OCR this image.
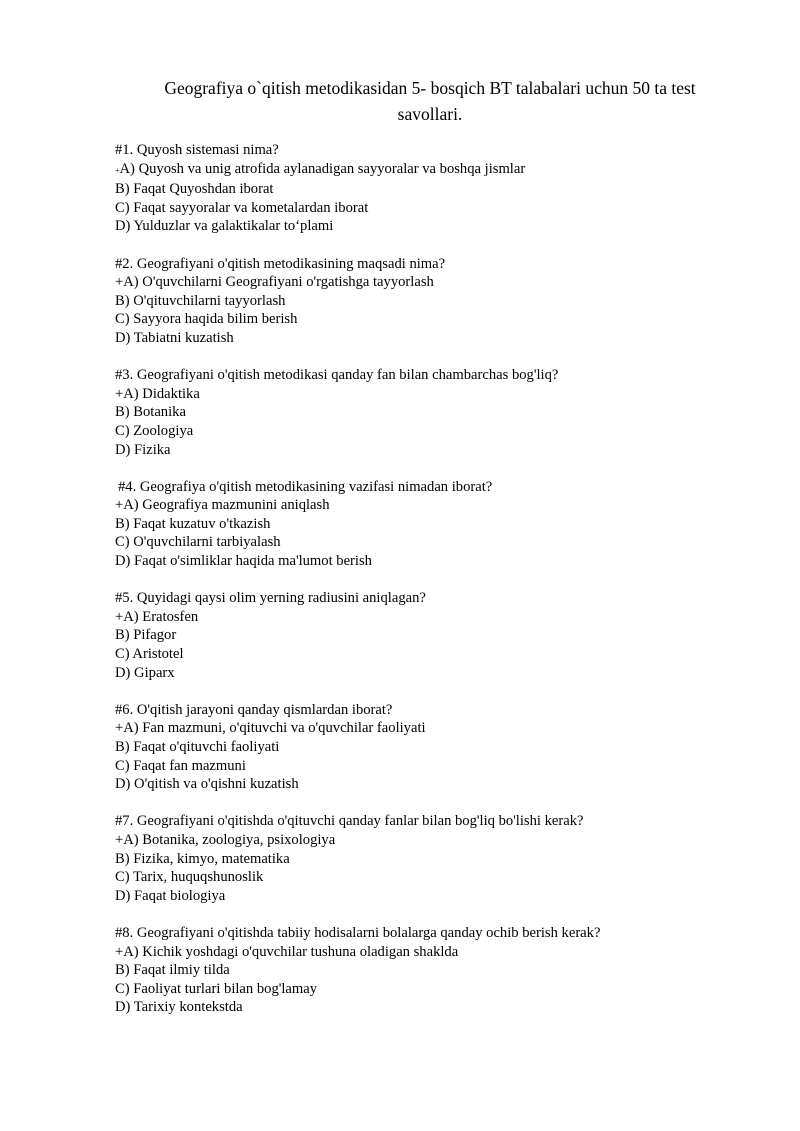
Geografiya o`qitish metodikasidan 5- bosqich BT talabalari uchun 50 ta test savollari.
#1. Quyosh sistemasi nima?
+A) Quyosh va unig atrofida aylanadigan sayyoralar va boshqa jismlar
B) Faqat Quyoshdan iborat
C) Faqat sayyoralar va kometalardan iborat
D) Yulduzlar va galaktikalar to‘plami
#2. Geografiyani o'qitish metodikasining maqsadi nima?
+A) O'quvchilarni Geografiyani o'rgatishga tayyorlash
B) O'qituvchilarni tayyorlash
C) Sayyora haqida bilim berish
D) Tabiatni kuzatish
#3. Geografiyani o'qitish metodikasi qanday fan bilan chambarchas bog'liq?
+A) Didaktika
B) Botanika
C) Zoologiya
D) Fizika
#4. Geografiya o'qitish metodikasining vazifasi nimadan iborat?
+A) Geografiya mazmunini aniqlash
B) Faqat kuzatuv o'tkazish
C) O'quvchilarni tarbiyalash
D) Faqat o'simliklar haqida ma'lumot berish
#5. Quyidagi qaysi olim yerning radiusini aniqlagan?
+A) Eratosfen
B) Pifagor
C) Aristotel
D) Giparx
#6. O'qitish jarayoni qanday qismlardan iborat?
+A) Fan mazmuni, o'qituvchi va o'quvchilar faoliyati
B) Faqat o'qituvchi faoliyati
C) Faqat fan mazmuni
D) O'qitish va o'qishni kuzatish
#7. Geografiyani o'qitishda o'qituvchi qanday fanlar bilan bog'liq bo'lishi kerak?
+A) Botanika, zoologiya, psixologiya
B) Fizika, kimyo, matematika
C) Tarix, huquqshunoslik
D) Faqat biologiya
#8. Geografiyani o'qitishda tabiiy hodisalarni bolalarga qanday ochib berish kerak?
+A) Kichik yoshdagi o'quvchilar tushuna oladigan shaklda
B) Faqat ilmiy tilda
C) Faoliyat turlari bilan bog'lamay
D) Tarixiy kontekstda
